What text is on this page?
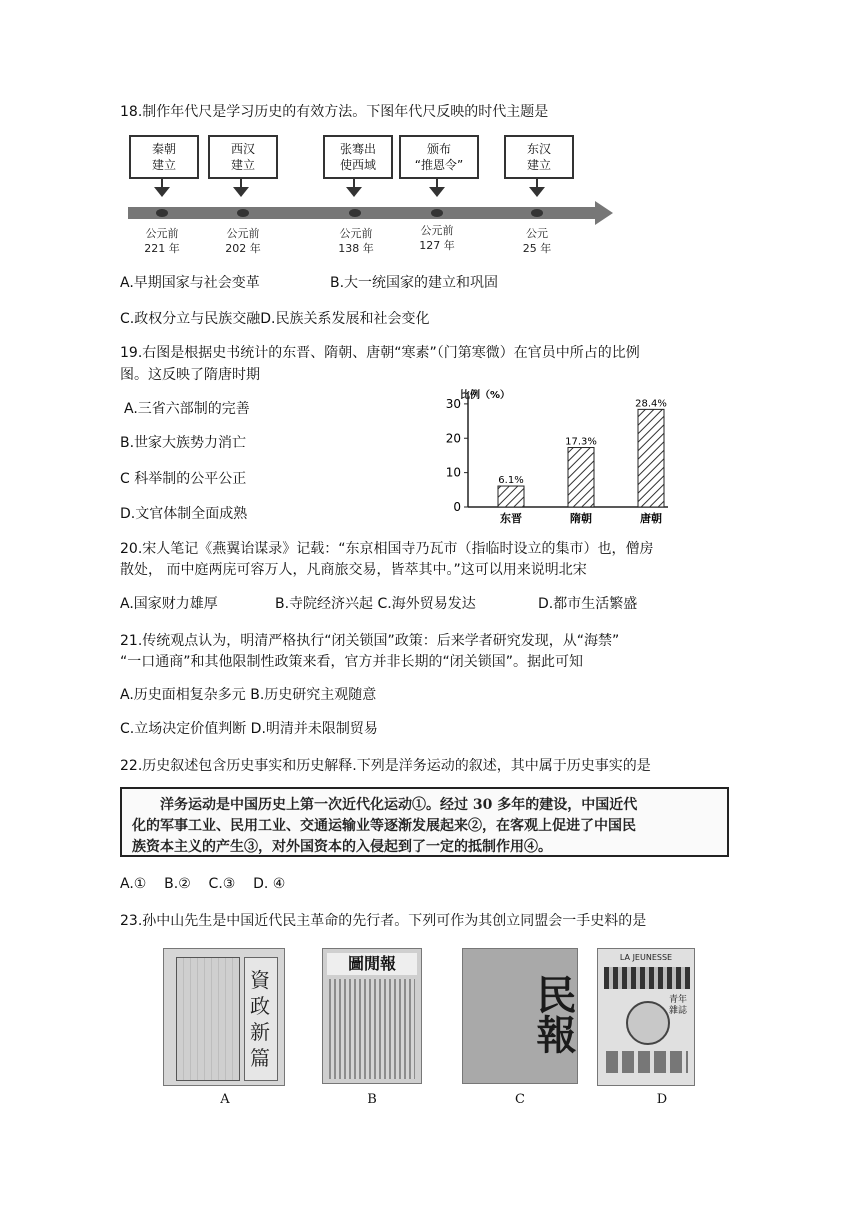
18.制作年代尺是学习历史的有效方法。下图年代尺反映的时代主题是
秦朝
建立
公元前
221 年
西汉
建立
公元前
202 年
张骞出
使西域
公元前
138 年
颁布
“推恩令”
公元前
127 年
东汉
建立
公元
25 年
A.早期国家与社会变革	B.大一统国家的建立和巩固
C.政权分立与民族交融D.民族关系发展和社会变化
19.右图是根据史书统计的东晋、隋朝、唐朝“寒素”（门第寒微）在官员中所占的比例
图。这反映了隋唐时期
A.三省六部制的完善
B.世家大族势力消亡
C 科举制的公平公正
D.文官体制全面成熟
比例（%）
0
10
20
30
6.1%
东晋
17.3%
隋朝
28.4%
唐朝
20.宋人笔记《燕翼诒谋录》记载：“东京相国寺乃瓦市（指临时设立的集市）也，僧房
散处， 而中庭两庑可容万人，凡商旅交易，皆萃其中。”这可以用来说明北宋
A.国家财力雄厚	B.寺院经济兴起 C.海外贸易发达	D.都市生活繁盛
21.传统观点认为，明清严格执行“闭关锁国”政策：后来学者研究发现，从“海禁”
“一口通商”和其他限制性政策来看，官方并非长期的“闭关锁国”。据此可知
A.历史面相复杂多元 B.历史研究主观随意
C.立场决定价值判断 D.明清并未限制贸易
22.历史叙述包含历史事实和历史解释.下列是洋务运动的叙述，其中属于历史事实的是
洋务运动是中国历史上第一次近代化运动①。经过 30 多年的建设，中国近代
化的军事工业、民用工业、交通运输业等逐渐发展起来②，在客观上促进了中国民
族资本主义的产生③，对外国资本的入侵起到了一定的抵制作用④。
A.①    B.②    C.③    D. ④
23.孙中山先生是中国近代民主革命的先行者。下列可作为其创立同盟会一手史料的是
資政新篇
A
圖閒報
B
民報
C
LA JEUNESSE
青年雜誌
D
